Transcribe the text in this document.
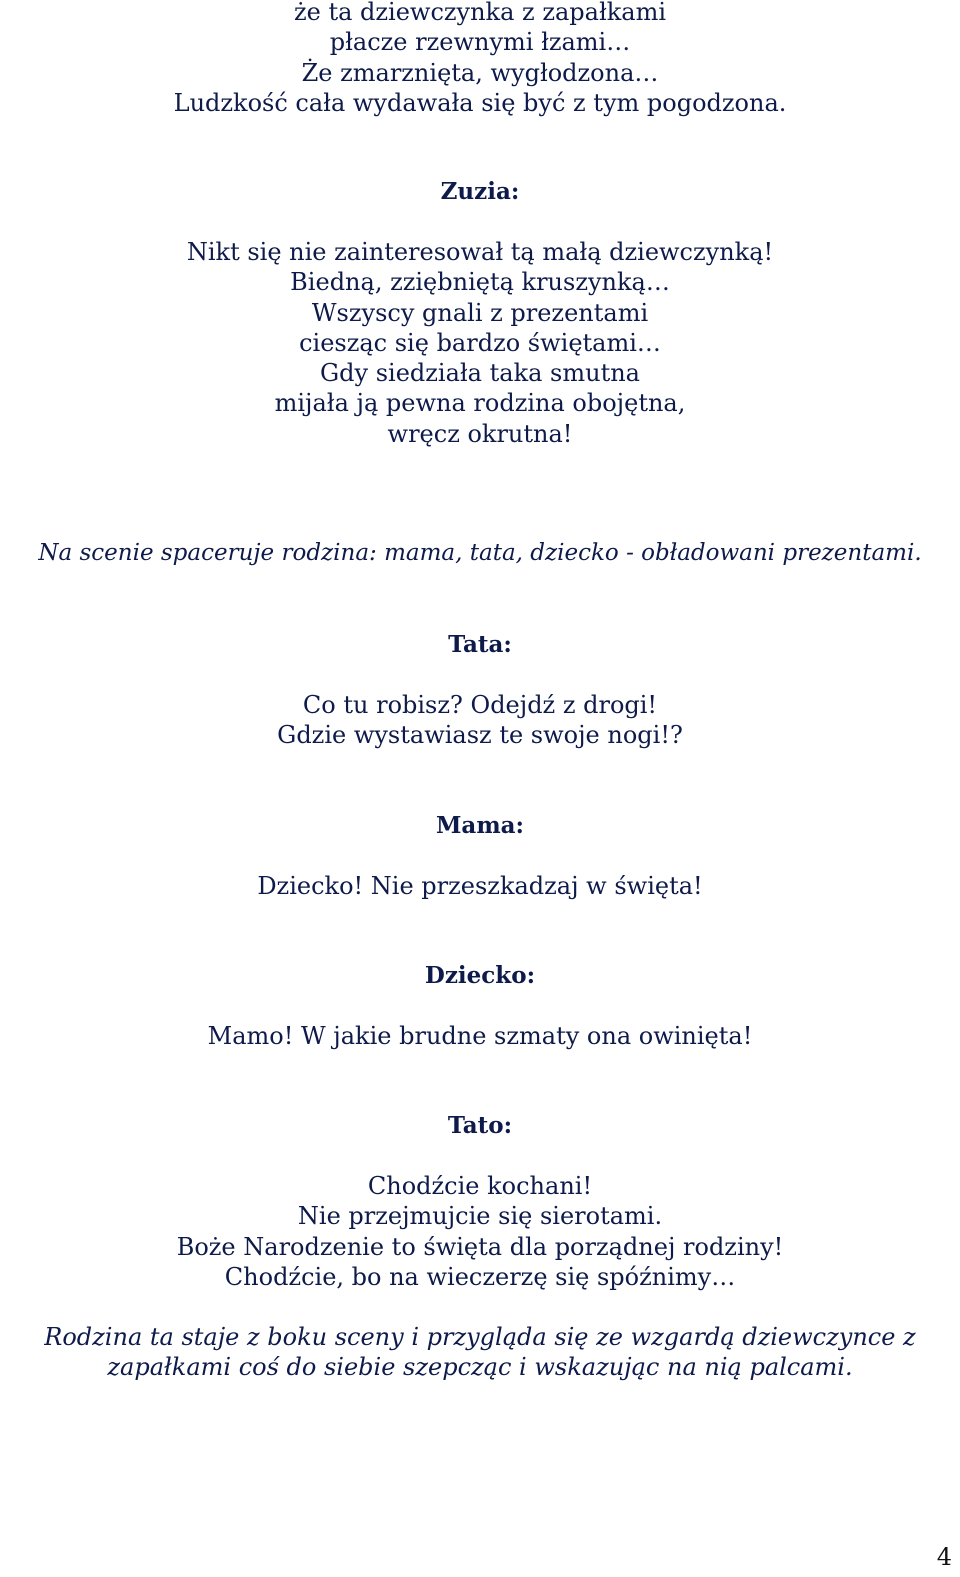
że ta dziewczynka z zapałkami

płacze rzewnymi łzami…

Że zmarznięta, wygłodzona…

Ludzkość cała wydawała się być z tym pogodzona.

Zuzia:

Nikt się nie zainteresował tą małą dziewczynką!

Biedną, zziębniętą kruszynką…

Wszyscy gnali z prezentami

ciesząc się bardzo świętami…

Gdy siedziała taka smutna

mijała ją pewna rodzina obojętna,

wręcz okrutna!

Na scenie spaceruje rodzina: mama, tata, dziecko - obładowani prezentami.

Tata:

Co tu robisz? Odejdź z drogi!

Gdzie wystawiasz te swoje nogi!?

Mama:

Dziecko! Nie przeszkadzaj w święta!

Dziecko:

Mamo! W jakie brudne szmaty ona owinięta!

Tato:

Chodźcie kochani!

Nie przejmujcie się sierotami.

Boże Narodzenie to święta dla porządnej rodziny!

Chodźcie, bo na wieczerzę się spóźnimy…

Rodzina ta staje z boku sceny i przygląda się ze wzgardą dziewczynce z

zapałkami coś do siebie szepcząc i wskazując na nią palcami.

4
